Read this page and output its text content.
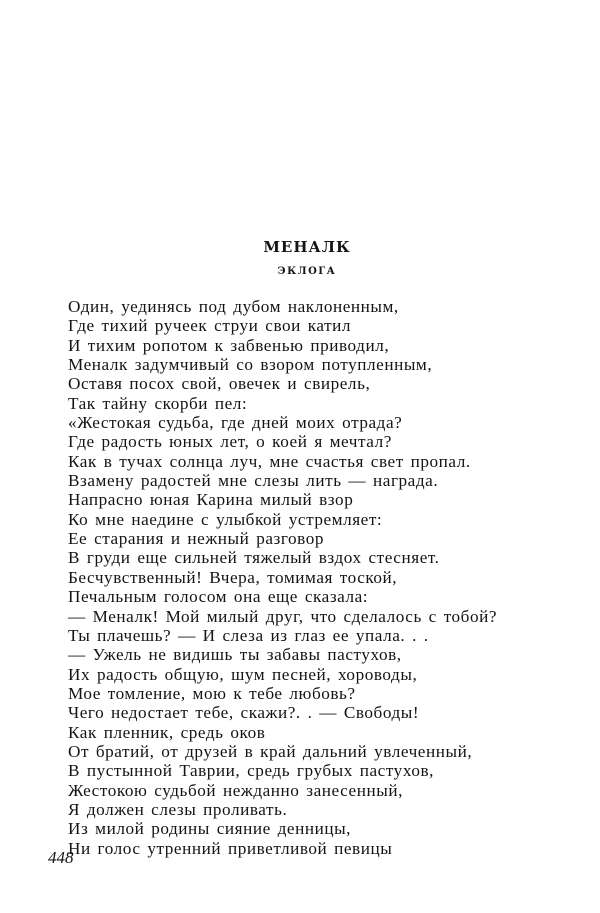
МЕНАЛК
ЭКЛОГА
Один, уединясь под дубом наклоненным,
Где тихий ручеек струи свои катил
И тихим ропотом к забвенью приводил,
Меналк задумчивый со взором потупленным,
Оставя посох свой, овечек и свирель,
Так тайну скорби пел:
«Жестокая судьба, где дней моих отрада?
Где радость юных лет, о коей я мечтал?
Как в тучах солнца луч, мне счастья свет пропал.
Взамену радостей мне слезы лить — награда.
Напрасно юная Карина милый взор
Ко мне наедине с улыбкой устремляет:
Ее старания и нежный разговор
В груди еще сильней тяжелый вздох стесняет.
Бесчувственный! Вчера, томимая тоской,
Печальным голосом она еще сказала:
— Меналк! Мой милый друг, что сделалось с тобой?
Ты плачешь? — И слеза из глаз ее упала. . .
— Ужель не видишь ты забавы пастухов,
Их радость общую, шум песней, хороводы,
Мое томление, мою к тебе любовь?
Чего недостает тебе, скажи?. . — Свободы!
Как пленник, средь оков
От братий, от друзей в край дальний увлеченный,
В пустынной Таврии, средь грубых пастухов,
Жестокою судьбой нежданно занесенный,
Я должен слезы проливать.
Из милой родины сияние денницы,
Ни голос утренний приветливой певицы
448
